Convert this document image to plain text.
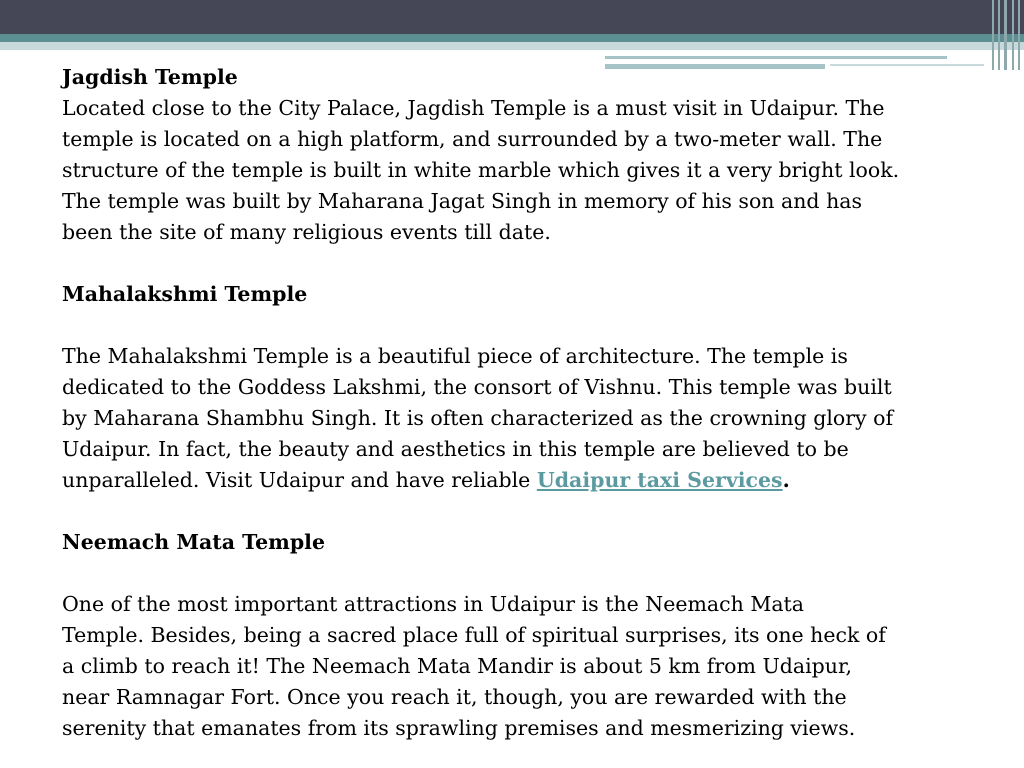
Jagdish Temple

Located close to the City Palace, Jagdish Temple is a must visit in Udaipur. The

temple is located on a high platform, and surrounded by a two-meter wall. The

structure of the temple is built in white marble which gives it a very bright look.

The temple was built by Maharana Jagat Singh in memory of his son and has

been the site of many religious events till date.

Mahalakshmi Temple

The Mahalakshmi Temple is a beautiful piece of architecture. The temple is

dedicated to the Goddess Lakshmi, the consort of Vishnu. This temple was built

by Maharana Shambhu Singh. It is often characterized as the crowning glory of

Udaipur. In fact, the beauty and aesthetics in this temple are believed to be

unparalleled. Visit Udaipur and have reliable Udaipur taxi Services.

Neemach Mata Temple

One of the most important attractions in Udaipur is the Neemach Mata

Temple. Besides, being a sacred place full of spiritual surprises, its one heck of

a climb to reach it! The Neemach Mata Mandir is about 5 km from Udaipur,

near Ramnagar Fort. Once you reach it, though, you are rewarded with the

serenity that emanates from its sprawling premises and mesmerizing views.
